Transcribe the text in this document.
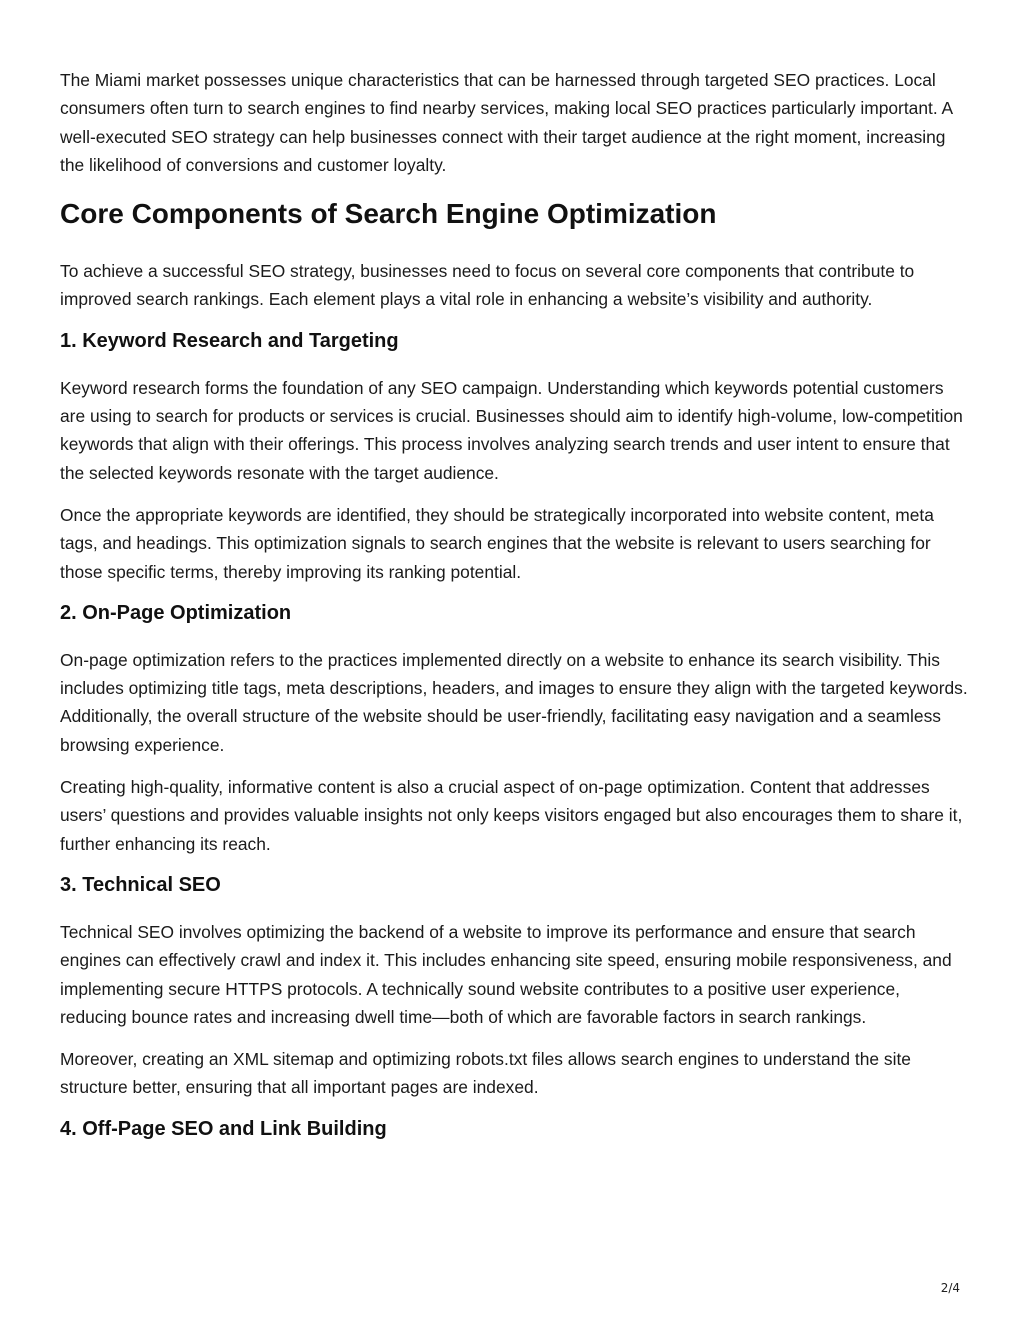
The Miami market possesses unique characteristics that can be harnessed through targeted SEO practices. Local consumers often turn to search engines to find nearby services, making local SEO practices particularly important. A well-executed SEO strategy can help businesses connect with their target audience at the right moment, increasing the likelihood of conversions and customer loyalty.

Core Components of Search Engine Optimization

To achieve a successful SEO strategy, businesses need to focus on several core components that contribute to improved search rankings. Each element plays a vital role in enhancing a website’s visibility and authority.

1. Keyword Research and Targeting

Keyword research forms the foundation of any SEO campaign. Understanding which keywords potential customers are using to search for products or services is crucial. Businesses should aim to identify high-volume, low-competition keywords that align with their offerings. This process involves analyzing search trends and user intent to ensure that the selected keywords resonate with the target audience.

Once the appropriate keywords are identified, they should be strategically incorporated into website content, meta tags, and headings. This optimization signals to search engines that the website is relevant to users searching for those specific terms, thereby improving its ranking potential.

2. On-Page Optimization

On-page optimization refers to the practices implemented directly on a website to enhance its search visibility. This includes optimizing title tags, meta descriptions, headers, and images to ensure they align with the targeted keywords. Additionally, the overall structure of the website should be user-friendly, facilitating easy navigation and a seamless browsing experience.

Creating high-quality, informative content is also a crucial aspect of on-page optimization. Content that addresses users’ questions and provides valuable insights not only keeps visitors engaged but also encourages them to share it, further enhancing its reach.

3. Technical SEO

Technical SEO involves optimizing the backend of a website to improve its performance and ensure that search engines can effectively crawl and index it. This includes enhancing site speed, ensuring mobile responsiveness, and implementing secure HTTPS protocols. A technically sound website contributes to a positive user experience, reducing bounce rates and increasing dwell time—both of which are favorable factors in search rankings.

Moreover, creating an XML sitemap and optimizing robots.txt files allows search engines to understand the site structure better, ensuring that all important pages are indexed.

4. Off-Page SEO and Link Building
2/4
